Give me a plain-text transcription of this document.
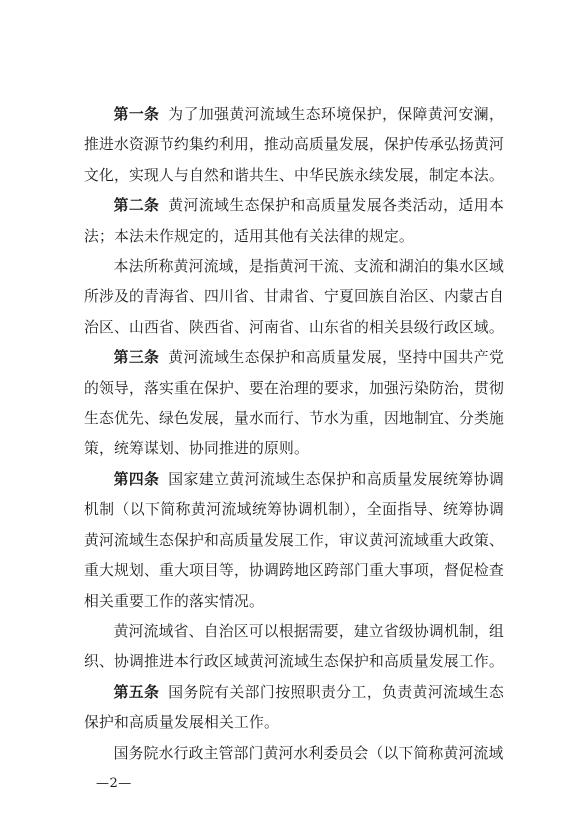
第一条 为了加强黄河流域生态环境保护，保障黄河安澜，推进水资源节约集约利用，推动高质量发展，保护传承弘扬黄河文化，实现人与自然和谐共生、中华民族永续发展，制定本法。

第二条 黄河流域生态保护和高质量发展各类活动，适用本法；本法未作规定的，适用其他有关法律的规定。

本法所称黄河流域，是指黄河干流、支流和湖泊的集水区域所涉及的青海省、四川省、甘肃省、宁夏回族自治区、内蒙古自治区、山西省、陕西省、河南省、山东省的相关县级行政区域。

第三条 黄河流域生态保护和高质量发展，坚持中国共产党的领导，落实重在保护、要在治理的要求，加强污染防治，贯彻生态优先、绿色发展，量水而行、节水为重，因地制宜、分类施策，统筹谋划、协同推进的原则。

第四条 国家建立黄河流域生态保护和高质量发展统筹协调机制（以下简称黄河流域统筹协调机制），全面指导、统筹协调黄河流域生态保护和高质量发展工作，审议黄河流域重大政策、重大规划、重大项目等，协调跨地区跨部门重大事项，督促检查相关重要工作的落实情况。

黄河流域省、自治区可以根据需要，建立省级协调机制，组织、协调推进本行政区域黄河流域生态保护和高质量发展工作。

第五条 国务院有关部门按照职责分工，负责黄河流域生态保护和高质量发展相关工作。

国务院水行政主管部门黄河水利委员会（以下简称黄河流域

—2—
